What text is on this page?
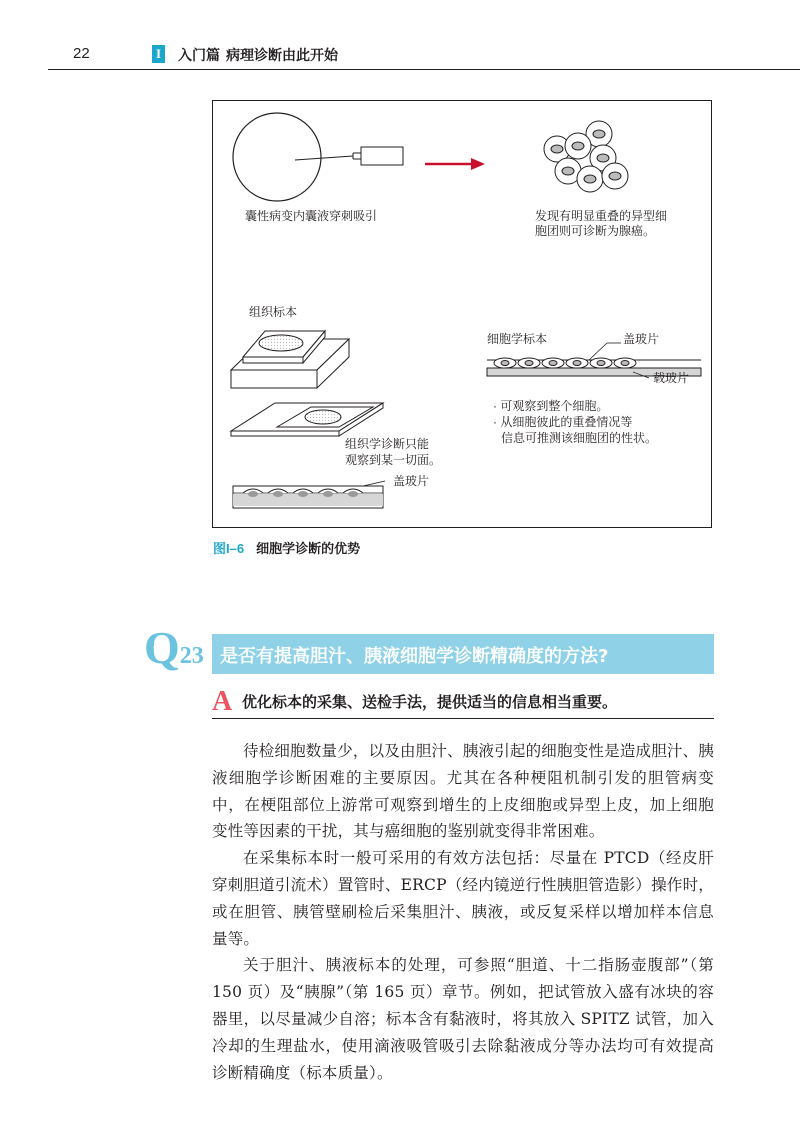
22	I 入门篇 病理诊断由此开始
囊性病变内囊液穿刺吸引	发现有明显重叠的异型细
胞团则可诊断为腺癌。
组织标本
细胞学标本	盖玻片
载玻片
· 可观察到整个细胞。
· 从细胞彼此的重叠情况等
信息可推测该细胞团的性状。
组织学诊断只能
观察到某一切面。
盖玻片
图I–6 细胞学诊断的优势
是否有提高胆汁、胰液细胞学诊断精确度的方法?
Q23
A 优化标本的采集、送检手法，提供适当的信息相当重要。

待检细胞数量少，以及由胆汁、胰液引起的细胞变性是造成胆汁、胰液细胞学诊断困难的主要原因。尤其在各种梗阻机制引发的胆管病变中，在梗阻部位上游常可观察到增生的上皮细胞或异型上皮，加上细胞变性等因素的干扰，其与癌细胞的鉴别就变得非常困难。

在采集标本时一般可采用的有效方法包括：尽量在 PTCD（经皮肝穿刺胆道引流术）置管时、ERCP（经内镜逆行性胰胆管造影）操作时，或在胆管、胰管壁刷检后采集胆汁、胰液，或反复采样以增加样本信息量等。

关于胆汁、胰液标本的处理，可参照“胆道、十二指肠壶腹部”（第 150 页）及“胰腺”（第 165 页）章节。例如，把试管放入盛有冰块的容器里，以尽量减少自溶；标本含有黏液时，将其放入 SPITZ 试管，加入冷却的生理盐水，使用滴液吸管吸引去除黏液成分等办法均可有效提高诊断精确度（标本质量）。
